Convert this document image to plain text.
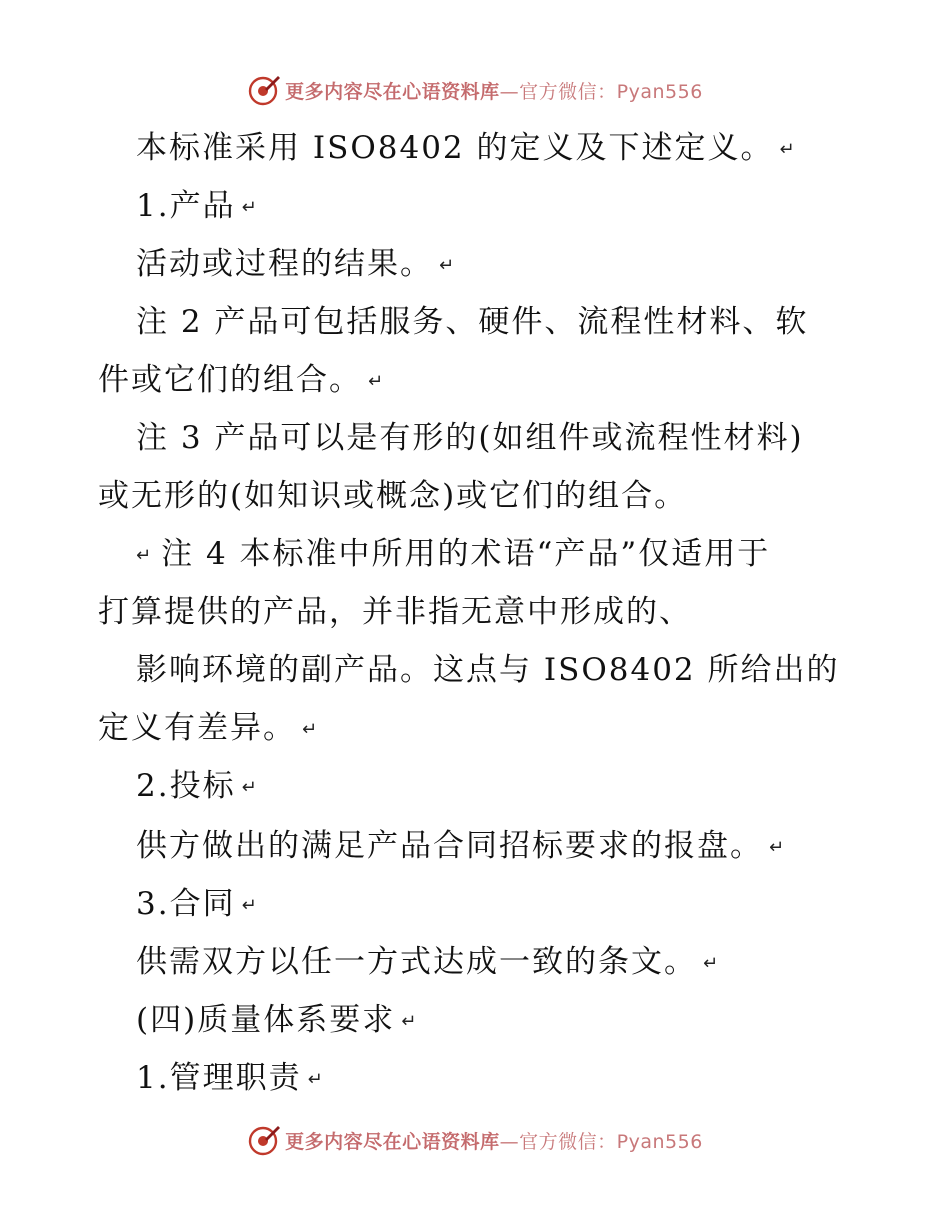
更多内容尽在心语资料库—官方微信：Pyan556
本标准采用 ISO8402 的定义及下述定义。 ↵
1.产品 ↵
活动或过程的结果。 ↵
注 2 产品可包括服务、硬件、流程性材料、软
件或它们的组合。 ↵
注 3 产品可以是有形的(如组件或流程性材料)
或无形的(如知识或概念)或它们的组合。
↵ 注 4 本标准中所用的术语“产品”仅适用于
打算提供的产品，并非指无意中形成的、
影响环境的副产品。这点与 ISO8402 所给出的
定义有差异。 ↵
2.投标 ↵
供方做出的满足产品合同招标要求的报盘。 ↵
3.合同 ↵
供需双方以任一方式达成一致的条文。 ↵
(四)质量体系要求 ↵
1.管理职责 ↵
更多内容尽在心语资料库—官方微信：Pyan556
